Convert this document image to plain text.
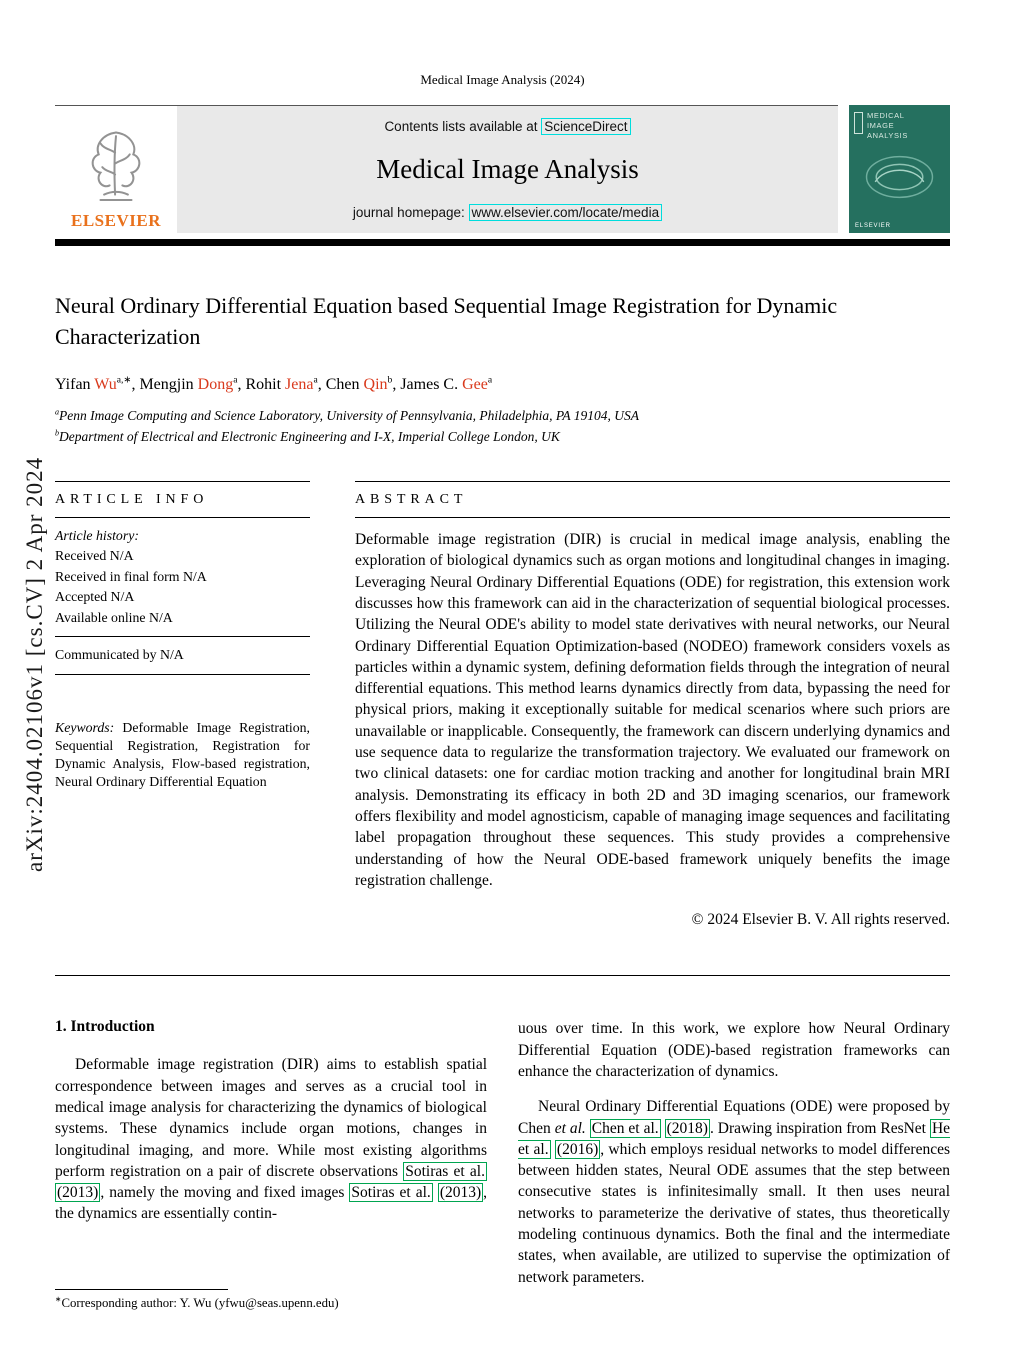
arXiv:2404.02106v1 [cs.CV] 2 Apr 2024
Medical Image Analysis (2024)
ELSEVIER
Contents lists available at ScienceDirect
Medical Image Analysis
journal homepage: www.elsevier.com/locate/media
MEDICAL
IMAGE
ANALYSIS
ELSEVIER
Neural Ordinary Differential Equation based Sequential Image Registration for Dynamic Characterization

Yifan $Wu^{a,∗}$, Mengjin Dong$^a$, Rohit Jena$^a$, Chen Qin$^b$, James C. Gee$^a$

$^a$Penn Image Computing and Science Laboratory, University of Pennsylvania, Philadelphia, PA 19104, USA
$^b$Department of Electrical and Electronic Engineering and I-X, Imperial College London, UK
ARTICLE INFO
Article history:
Received N/A
Received in final form N/A
Accepted N/A
Available online N/A
Communicated by N/A
Keywords: Deformable Image Registration, Sequential Registration, Registration for Dynamic Analysis, Flow-based registration, Neural Ordinary Differential Equation
ABSTRACT

Deformable image registration (DIR) is crucial in medical image analysis, enabling the exploration of biological dynamics such as organ motions and longitudinal changes in imaging. Leveraging Neural Ordinary Differential Equations (ODE) for registration, this extension work discusses how this framework can aid in the characterization of sequential biological processes. Utilizing the Neural ODE's ability to model state derivatives with neural networks, our Neural Ordinary Differential Equation Optimization-based (NODEO) framework considers voxels as particles within a dynamic system, defining deformation fields through the integration of neural differential equations. This method learns dynamics directly from data, bypassing the need for physical priors, making it exceptionally suitable for medical scenarios where such priors are unavailable or inapplicable. Consequently, the framework can discern underlying dynamics and use sequence data to regularize the transformation trajectory. We evaluated our framework on two clinical datasets: one for cardiac motion tracking and another for longitudinal brain MRI analysis. Demonstrating its efficacy in both 2D and 3D imaging scenarios, our framework offers flexibility and model agnosticism, capable of managing image sequences and facilitating label propagation throughout these sequences. This study provides a comprehensive understanding of how the Neural ODE-based framework uniquely benefits the image registration challenge.

© 2024 Elsevier B. V. All rights reserved.

1. Introduction

Deformable image registration (DIR) aims to establish spatial correspondence between images and serves as a crucial tool in medical image analysis for characterizing the dynamics of biological systems. These dynamics include organ motions, changes in longitudinal imaging, and more. While most existing algorithms perform registration on a pair of discrete observations Sotiras et al. (2013) , namely the moving and fixed images Sotiras et al. (2013) , the dynamics are essentially contin-

uous over time. In this work, we explore how Neural Ordinary Differential Equation (ODE)-based registration frameworks can enhance the characterization of dynamics.

Neural Ordinary Differential Equations (ODE) were proposed by Chen et al. Chen et al. (2018) . Drawing inspiration from ResNet He et al. (2016) , which employs residual networks to model differences between hidden states, Neural ODE assumes that the step between consecutive states is infinitesimally small. It then uses neural networks to parameterize the derivative of states, thus theoretically modeling continuous dynamics. Both the final and the intermediate states, when available, are utilized to supervise the optimization of network parameters.

∗Corresponding author: Y. Wu (yfwu@seas.upenn.edu)
